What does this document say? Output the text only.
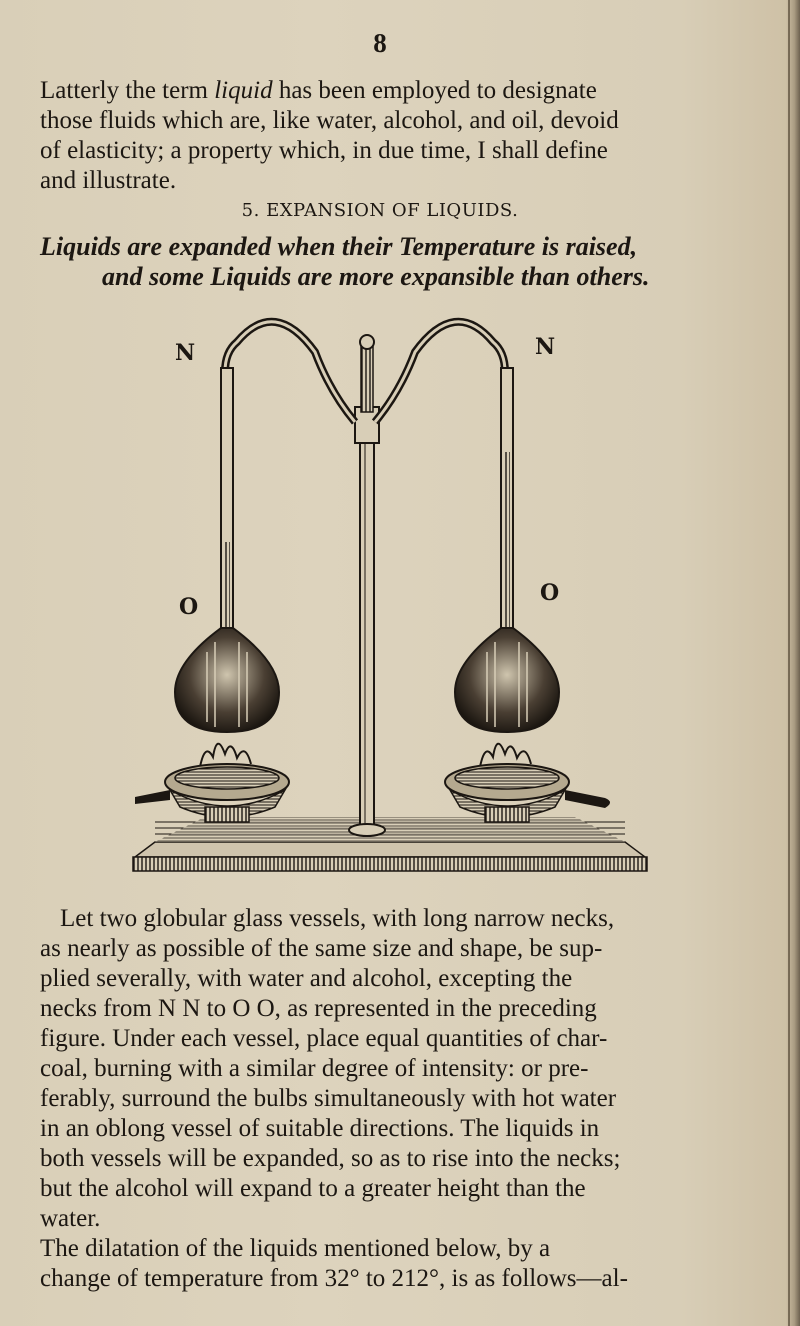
8
Latterly the term liquid has been employed to designate
those fluids which are, like water, alcohol, and oil, devoid
of elasticity; a property which, in due time, I shall define
and illustrate.
5. EXPANSION OF LIQUIDS.
Liquids are expanded when their Temperature is raised,
and some Liquids are more expansible than others.
N	N
O
O
Let two globular glass vessels, with long narrow necks,
as nearly as possible of the same size and shape, be sup-
plied severally, with water and alcohol, excepting the
necks from N N to O O, as represented in the preceding
figure. Under each vessel, place equal quantities of char-
coal, burning with a similar degree of intensity: or pre-
ferably, surround the bulbs simultaneously with hot water
in an oblong vessel of suitable directions. The liquids in
both vessels will be expanded, so as to rise into the necks;
but the alcohol will expand to a greater height than the
water.
The dilatation of the liquids mentioned below, by a
change of temperature from 32° to 212°, is as follows—al-
